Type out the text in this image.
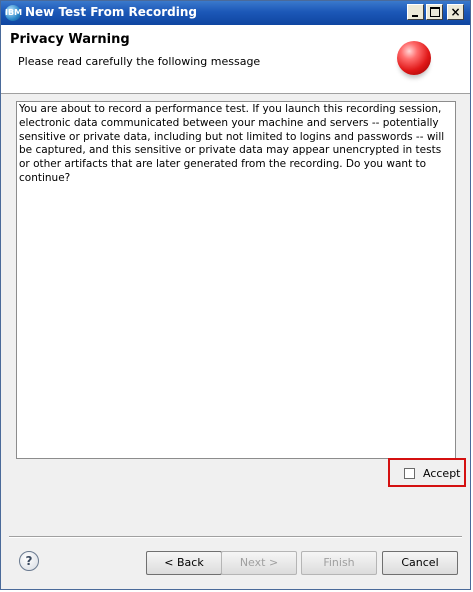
IBM New Test From Recording	×
Privacy Warning
Please read carefully the following message
You are about to record a performance test. If you launch this recording session, electronic data communicated between your machine and servers -- potentially sensitive or private data, including but not limited to logins and passwords -- will be captured, and this sensitive or private data may appear unencrypted in tests or other artifacts that are later generated from the recording. Do you want to continue?
Accept
?	< Back	Next >	Finish	Cancel
